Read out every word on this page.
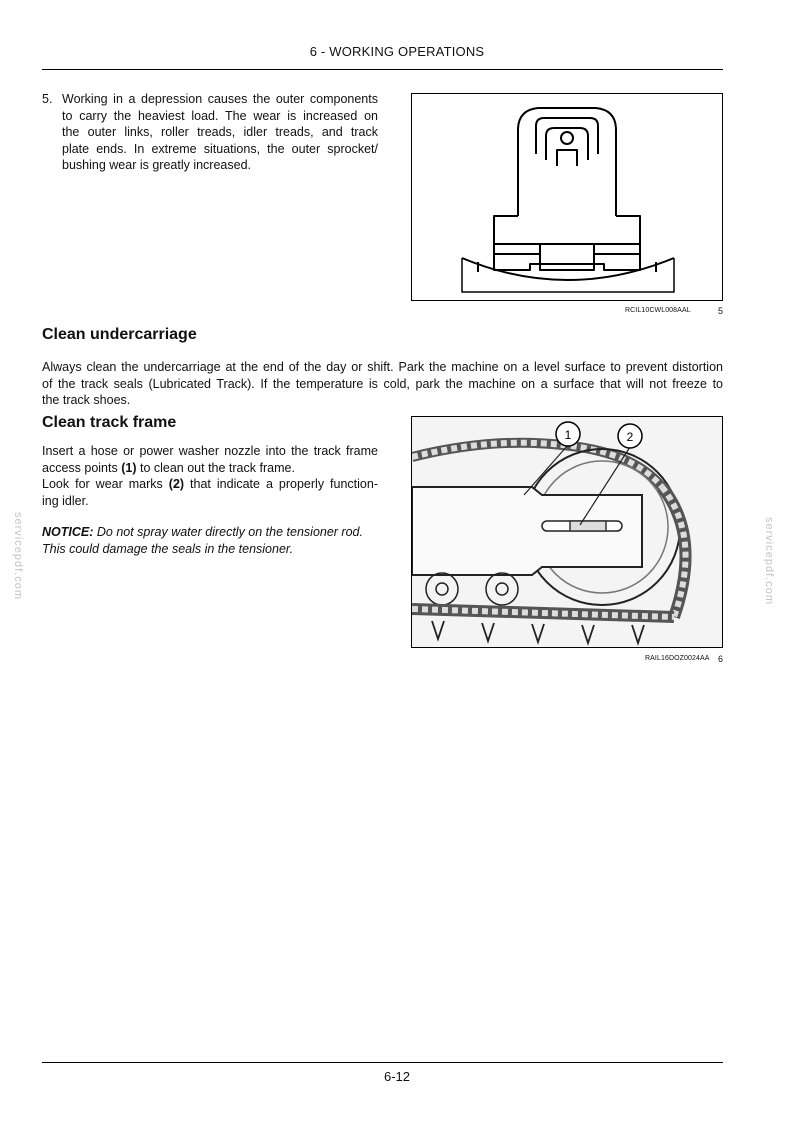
6 - WORKING OPERATIONS
5. Working in a depression causes the outer components
to carry the heaviest load. The wear is increased on
the outer links, roller treads, idler treads, and track
plate ends. In extreme situations, the outer sprocket/
bushing wear is greatly increased.
RCIL10CWL008AAL	5
Clean undercarriage
Always clean the undercarriage at the end of the day or shift. Park the machine on a level surface to prevent distortion
of the track seals (Lubricated Track). If the temperature is cold, park the machine on a surface that will not freeze to
the track shoes.
Clean track frame
Insert a hose or power washer nozzle into the track frame
access points (1) to clean out the track frame.
Look for wear marks (2) that indicate a properly function-
ing idler.
NOTICE: Do not spray water directly on the tensioner rod.
This could damage the seals in the tensioner.
1	2
RAIL16DOZ0024AA 6
servicepdf.com	servicepdf.com
6-12
